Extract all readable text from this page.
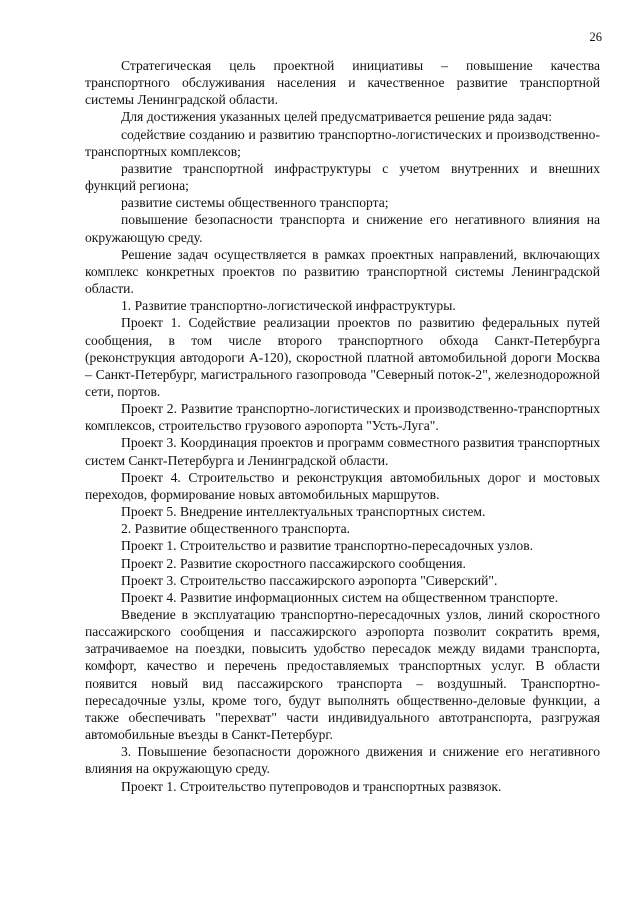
26

Стратегическая цель проектной инициативы – повышение качества транспортного обслуживания населения и качественное развитие транспортной системы Ленинградской области.

Для достижения указанных целей предусматривается решение ряда задач:

содействие созданию и развитию транспортно-логистических и производственно-транспортных комплексов;

развитие транспортной инфраструктуры с учетом внутренних и внешних функций региона;

развитие системы общественного транспорта;

повышение безопасности транспорта и снижение его негативного влияния на окружающую среду.

Решение задач осуществляется в рамках проектных направлений, включающих комплекс конкретных проектов по развитию транспортной системы Ленинградской области.

1. Развитие транспортно-логистической инфраструктуры.

Проект 1. Содействие реализации проектов по развитию федеральных путей сообщения, в том числе второго транспортного обхода Санкт-Петербурга (реконструкция автодороги А-120), скоростной платной автомобильной дороги Москва – Санкт-Петербург, магистрального газопровода "Северный поток-2", железнодорожной сети, портов.

Проект 2. Развитие транспортно-логистических и производственно-транспортных комплексов, строительство грузового аэропорта "Усть-Луга".

Проект 3. Координация проектов и программ совместного развития транспортных систем Санкт-Петербурга и Ленинградской области.

Проект 4. Строительство и реконструкция автомобильных дорог и мостовых переходов, формирование новых автомобильных маршрутов.

Проект 5. Внедрение интеллектуальных транспортных систем.

2. Развитие общественного транспорта.

Проект 1. Строительство и развитие транспортно-пересадочных узлов.

Проект 2. Развитие скоростного пассажирского сообщения.

Проект 3. Строительство пассажирского аэропорта "Сиверский".

Проект 4. Развитие информационных систем на общественном транспорте.

Введение в эксплуатацию транспортно-пересадочных узлов, линий скоростного пассажирского сообщения и пассажирского аэропорта позволит сократить время, затрачиваемое на поездки, повысить удобство пересадок между видами транспорта, комфорт, качество и перечень предоставляемых транспортных услуг. В области появится новый вид пассажирского транспорта – воздушный. Транспортно-пересадочные узлы, кроме того, будут выполнять общественно-деловые функции, а также обеспечивать "перехват" части индивидуального автотранспорта, разгружая автомобильные въезды в Санкт-Петербург.

3. Повышение безопасности дорожного движения и снижение его негативного влияния на окружающую среду.

Проект 1. Строительство путепроводов и транспортных развязок.
